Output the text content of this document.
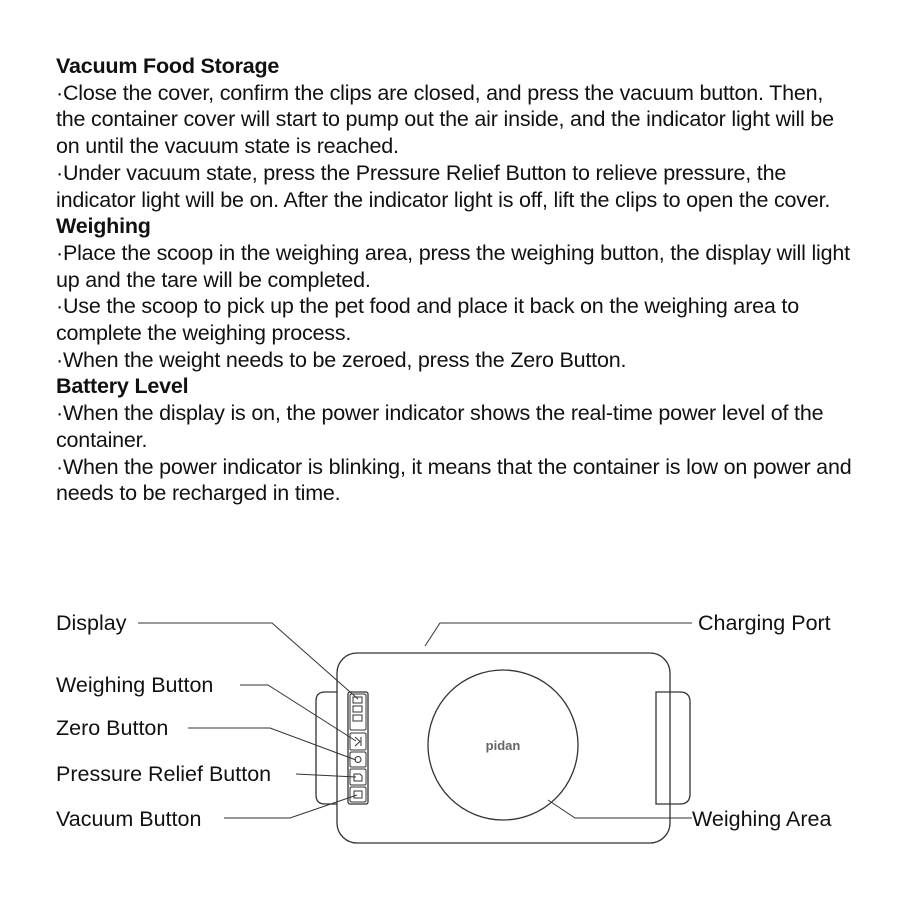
Vacuum Food Storage

·Close the cover, confirm the clips are closed, and press the vacuum button. Then, the container cover will start to pump out the air inside, and the indicator light will be on until the vacuum state is reached.

·Under vacuum state, press the Pressure Relief Button to relieve pressure, the indicator light will be on. After the indicator light is off, lift the clips to open the cover.

Weighing

·Place the scoop in the weighing area, press the weighing button, the display will light up and the tare will be completed.

·Use the scoop to pick up the pet food and place it back on the weighing area to complete the weighing process.

·When the weight needs to be zeroed, press the Zero Button.

Battery Level

·When the display is on, the power indicator shows the real-time power level of the container.

·When the power indicator is blinking, it means that the container is low on power and needs to be recharged in time.

pidan
Display
Weighing Button
Zero Button
Pressure Relief Button
Vacuum Button
Charging Port
Weighing Area
